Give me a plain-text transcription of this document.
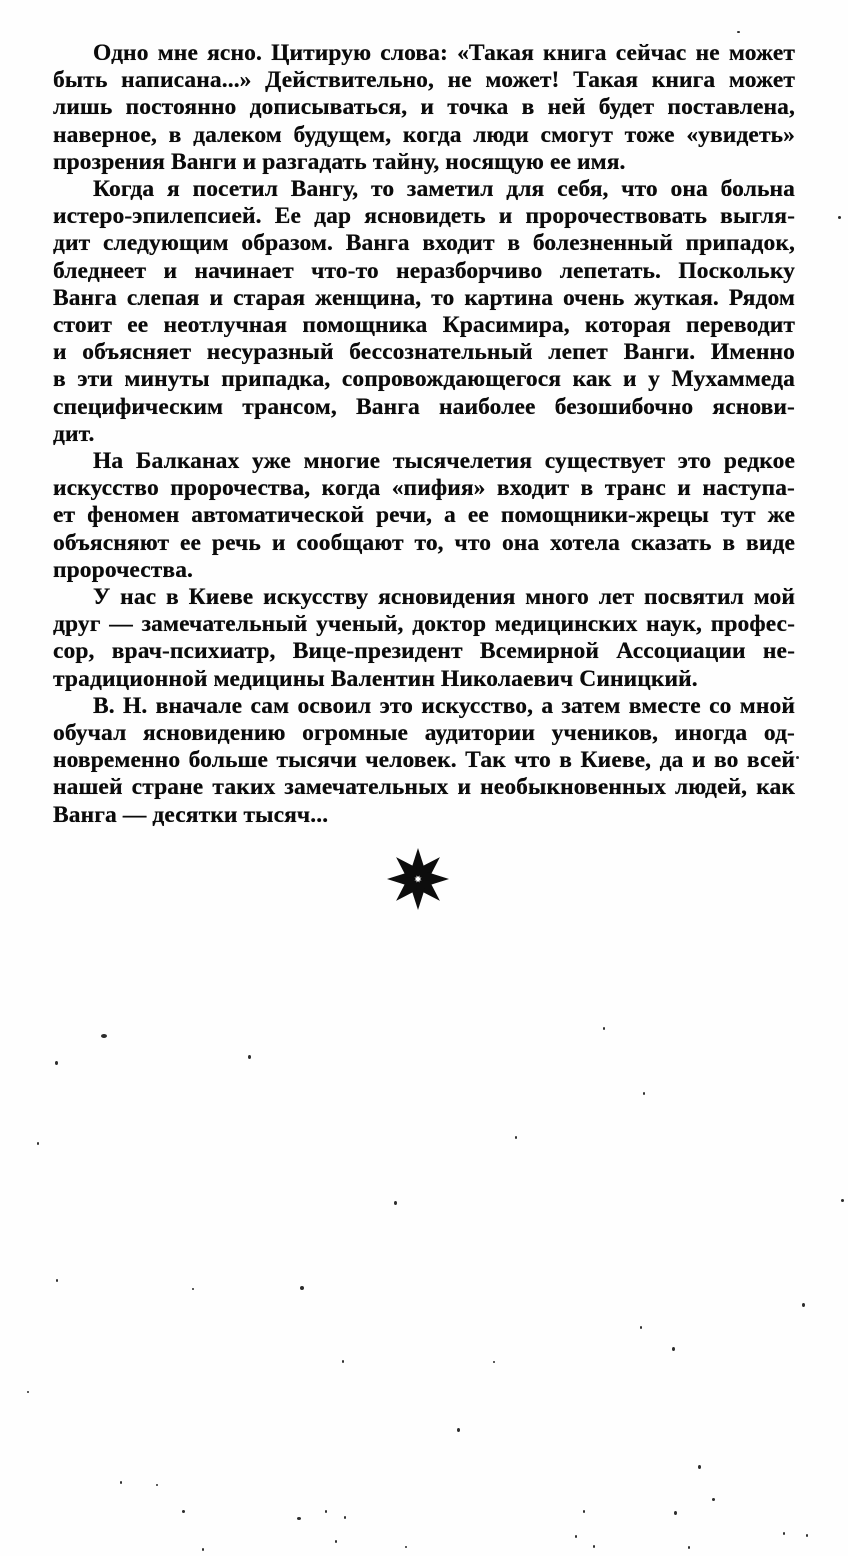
Одно мне ясно. Цитирую слова: «Такая книга сейчас не может
быть написана...» Действительно, не может! Такая книга может
лишь постоянно дописываться, и точка в ней будет поставлена,
наверное, в далеком будущем, когда люди смогут тоже «увидеть»
прозрения Ванги и разгадать тайну, носящую ее имя.
Когда я посетил Вангу, то заметил для себя, что она больна
истеро-эпилепсией. Ее дар ясновидеть и пророчествовать выгля-
дит следующим образом. Ванга входит в болезненный припадок,
бледнеет и начинает что-то неразборчиво лепетать. Поскольку
Ванга слепая и старая женщина, то картина очень жуткая. Рядом
стоит ее неотлучная помощника Красимира, которая переводит
и объясняет несуразный бессознательный лепет Ванги. Именно
в эти минуты припадка, сопровождающегося как и у Мухаммеда
специфическим трансом, Ванга наиболее безошибочно яснови-
дит.
На Балканах уже многие тысячелетия существует это редкое
искусство пророчества, когда «пифия» входит в транс и наступа-
ет феномен автоматической речи, а ее помощники-жрецы тут же
объясняют ее речь и сообщают то, что она хотела сказать в виде
пророчества.
У нас в Киеве искусству ясновидения много лет посвятил мой
друг — замечательный ученый, доктор медицинских наук, профес-
сор, врач-психиатр, Вице-президент Всемирной Ассоциации не-
традиционной медицины Валентин Николаевич Синицкий.
В. Н. вначале сам освоил это искусство, а затем вместе со мной
обучал ясновидению огромные аудитории учеников, иногда од-
новременно больше тысячи человек. Так что в Киеве, да и во всей
нашей стране таких замечательных и необыкновенных людей, как
Ванга — десятки тысяч...
